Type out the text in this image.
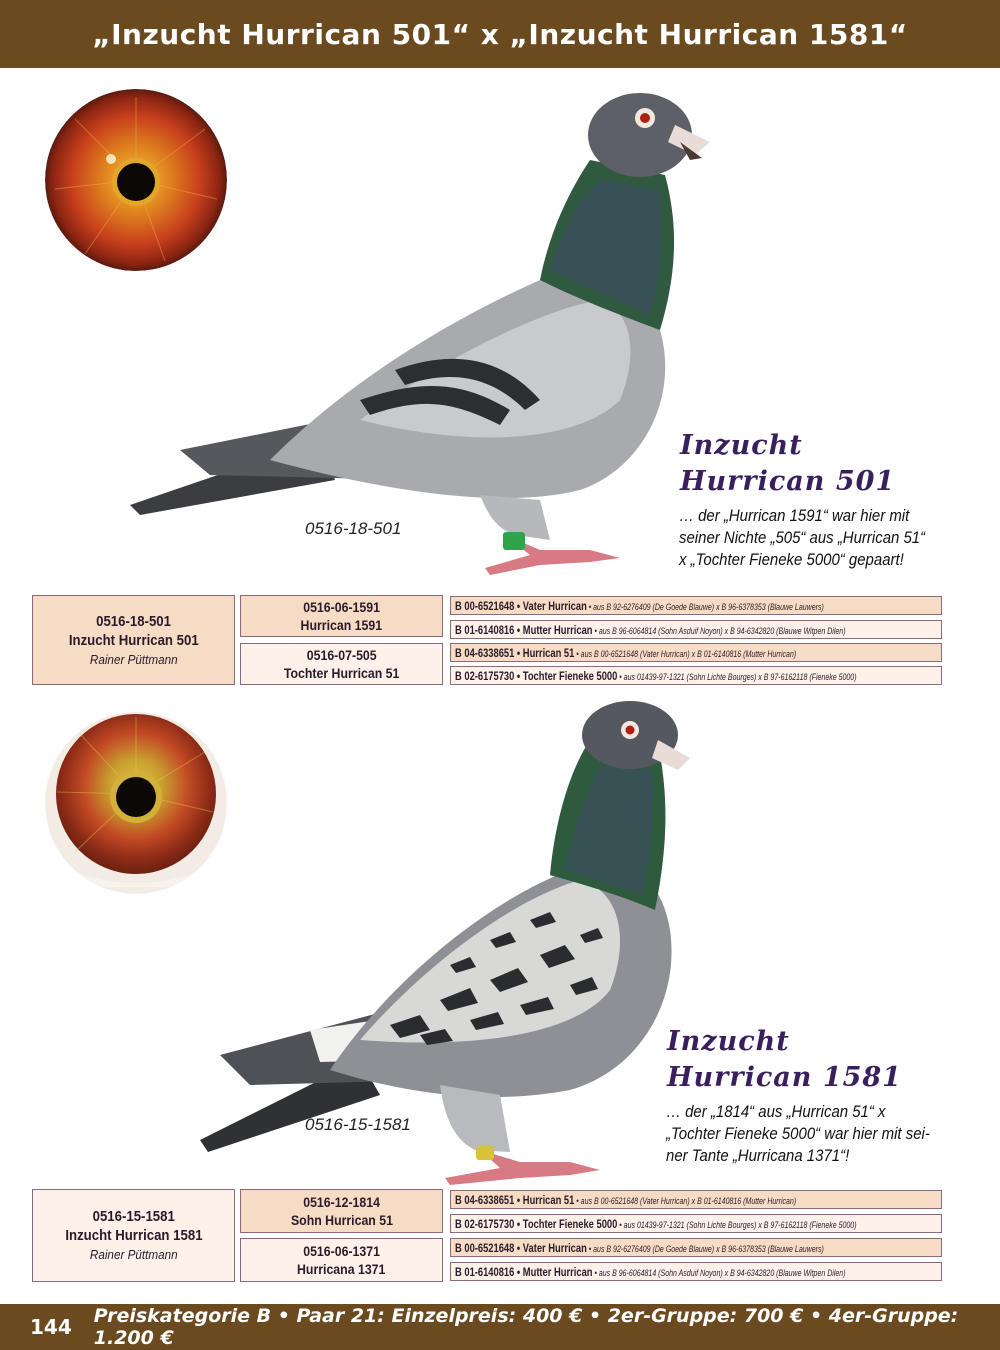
„Inzucht Hurrican 501“ x „Inzucht Hurrican 1581“
0516-18-501
Inzucht
Hurrican 501
… der „Hurrican 1591“ war hier mit
seiner Nichte „505“ aus „Hurrican 51“
x „Tochter Fieneke 5000“ gepaart!
0516-18-501
Inzucht Hurrican 501
Rainer Püttmann
0516-06-1591
Hurrican 1591
0516-07-505
Tochter Hurrican 51
B 00-6521648 • Vater Hurrican • aus B 92-6276409 (De Goede Blauwe) x B 96-6378353 (Blauwe Lauwers)
B 01-6140816 • Mutter Hurrican • aus B 96-6064814 (Sohn Asduif Noyon) x B 94-6342820 (Blauwe Witpen Dilen)
B 04-6338651 • Hurrican 51 • aus B 00-6521648 (Vater Hurrican) x B 01-6140816 (Mutter Hurrican)
B 02-6175730 • Tochter Fieneke 5000 • aus 01439-97-1321 (Sohn Lichte Bourges) x B 97-6162118 (Fieneke 5000)
0516-15-1581
Inzucht
Hurrican 1581
… der „1814“ aus „Hurrican 51“ x
„Tochter Fieneke 5000“ war hier mit sei-
ner Tante „Hurricana 1371“!
0516-15-1581
Inzucht Hurrican 1581
Rainer Püttmann
0516-12-1814
Sohn Hurrican 51
0516-06-1371
Hurricana 1371
B 04-6338651 • Hurrican 51 • aus B 00-6521648 (Vater Hurrican) x B 01-6140816 (Mutter Hurrican)
B 02-6175730 • Tochter Fieneke 5000 • aus 01439-97-1321 (Sohn Lichte Bourges) x B 97-6162118 (Fieneke 5000)
B 00-6521648 • Vater Hurrican • aus B 92-6276409 (De Goede Blauwe) x B 96-6378353 (Blauwe Lauwers)
B 01-6140816 • Mutter Hurrican • aus B 96-6064814 (Sohn Asduif Noyon) x B 94-6342820 (Blauwe Witpen Dilen)
144 Preiskategorie B • Paar 21: Einzelpreis: 400 € • 2er-Gruppe: 700 € • 4er-Gruppe: 1.200 €
